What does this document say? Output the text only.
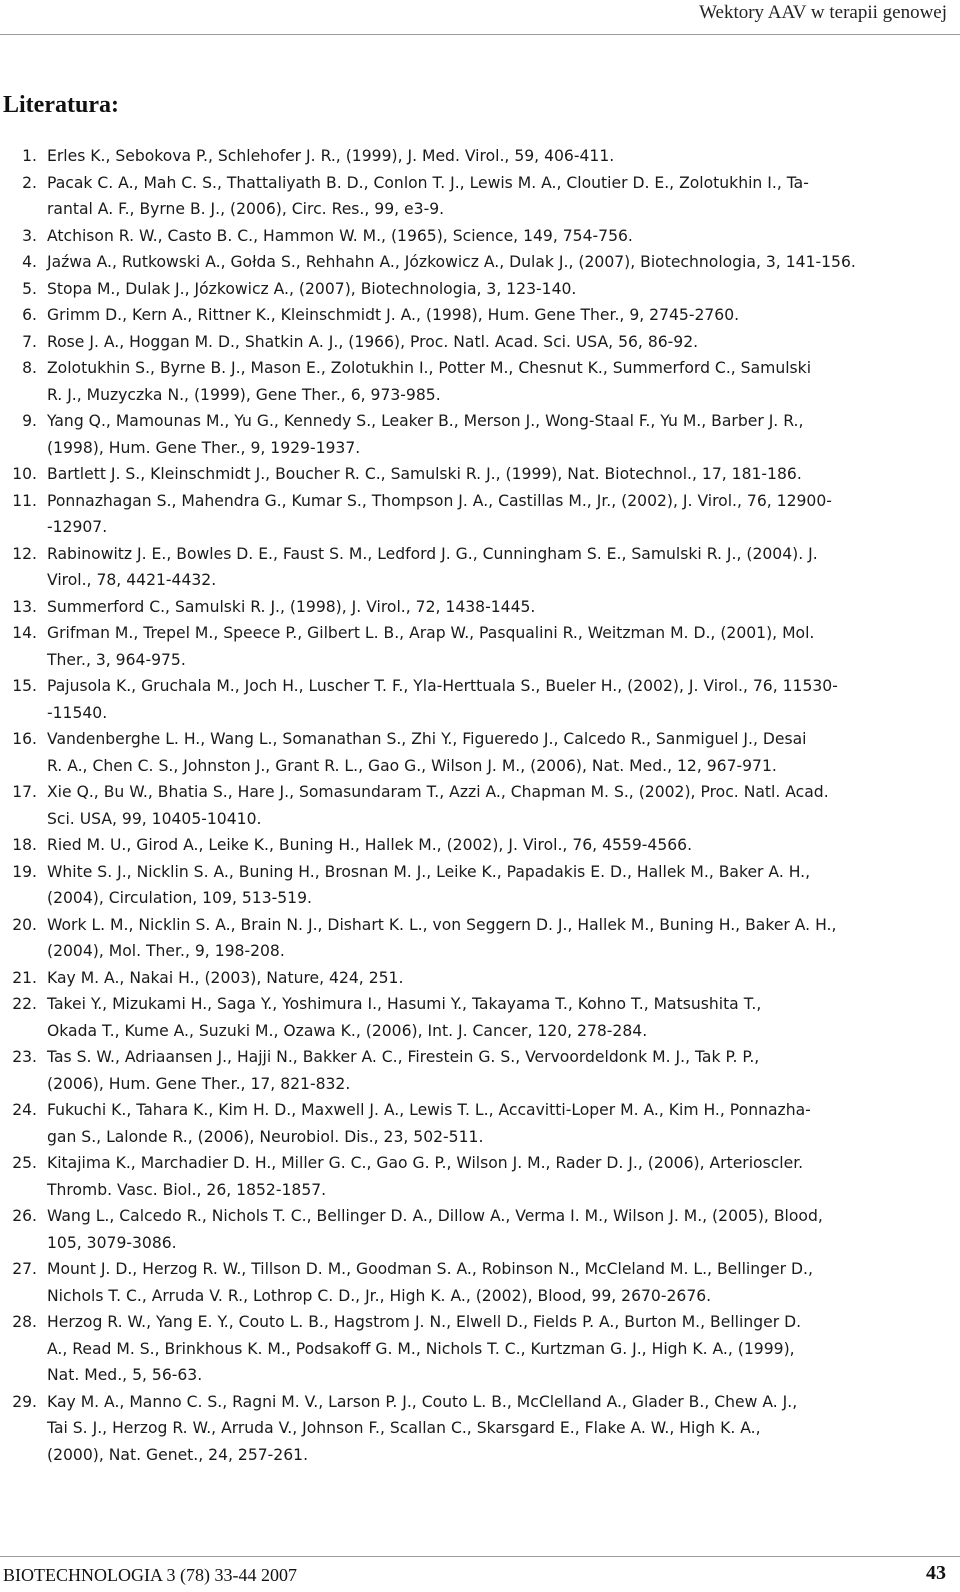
Wektory AAV w terapii genowej
Literatura:
1. Erles K., Sebokova P., Schlehofer J. R., (1999), J. Med. Virol., 59, 406-411.
2. Pacak C. A., Mah C. S., Thattaliyath B. D., Conlon T. J., Lewis M. A., Cloutier D. E., Zolotukhin I., Ta-
rantal A. F., Byrne B. J., (2006), Circ. Res., 99, e3-9.
3. Atchison R. W., Casto B. C., Hammon W. M., (1965), Science, 149, 754-756.
4. Jaźwa A., Rutkowski A., Gołda S., Rehhahn A., Józkowicz A., Dulak J., (2007), Biotechnologia, 3, 141-156.
5. Stopa M., Dulak J., Józkowicz A., (2007), Biotechnologia, 3, 123-140.
6. Grimm D., Kern A., Rittner K., Kleinschmidt J. A., (1998), Hum. Gene Ther., 9, 2745-2760.
7. Rose J. A., Hoggan M. D., Shatkin A. J., (1966), Proc. Natl. Acad. Sci. USA, 56, 86-92.
8. Zolotukhin S., Byrne B. J., Mason E., Zolotukhin I., Potter M., Chesnut K., Summerford C., Samulski
R. J., Muzyczka N., (1999), Gene Ther., 6, 973-985.
9. Yang Q., Mamounas M., Yu G., Kennedy S., Leaker B., Merson J., Wong-Staal F., Yu M., Barber J. R.,
(1998), Hum. Gene Ther., 9, 1929-1937.
10. Bartlett J. S., Kleinschmidt J., Boucher R. C., Samulski R. J., (1999), Nat. Biotechnol., 17, 181-186.
11. Ponnazhagan S., Mahendra G., Kumar S., Thompson J. A., Castillas M., Jr., (2002), J. Virol., 76, 12900-
-12907.
12. Rabinowitz J. E., Bowles D. E., Faust S. M., Ledford J. G., Cunningham S. E., Samulski R. J., (2004). J.
Virol., 78, 4421-4432.
13. Summerford C., Samulski R. J., (1998), J. Virol., 72, 1438-1445.
14. Grifman M., Trepel M., Speece P., Gilbert L. B., Arap W., Pasqualini R., Weitzman M. D., (2001), Mol.
Ther., 3, 964-975.
15. Pajusola K., Gruchala M., Joch H., Luscher T. F., Yla-Herttuala S., Bueler H., (2002), J. Virol., 76, 11530-
-11540.
16. Vandenberghe L. H., Wang L., Somanathan S., Zhi Y., Figueredo J., Calcedo R., Sanmiguel J., Desai
R. A., Chen C. S., Johnston J., Grant R. L., Gao G., Wilson J. M., (2006), Nat. Med., 12, 967-971.
17. Xie Q., Bu W., Bhatia S., Hare J., Somasundaram T., Azzi A., Chapman M. S., (2002), Proc. Natl. Acad.
Sci. USA, 99, 10405-10410.
18. Ried M. U., Girod A., Leike K., Buning H., Hallek M., (2002), J. Virol., 76, 4559-4566.
19. White S. J., Nicklin S. A., Buning H., Brosnan M. J., Leike K., Papadakis E. D., Hallek M., Baker A. H.,
(2004), Circulation, 109, 513-519.
20. Work L. M., Nicklin S. A., Brain N. J., Dishart K. L., von Seggern D. J., Hallek M., Buning H., Baker A. H.,
(2004), Mol. Ther., 9, 198-208.
21. Kay M. A., Nakai H., (2003), Nature, 424, 251.
22. Takei Y., Mizukami H., Saga Y., Yoshimura I., Hasumi Y., Takayama T., Kohno T., Matsushita T.,
Okada T., Kume A., Suzuki M., Ozawa K., (2006), Int. J. Cancer, 120, 278-284.
23. Tas S. W., Adriaansen J., Hajji N., Bakker A. C., Firestein G. S., Vervoordeldonk M. J., Tak P. P.,
(2006), Hum. Gene Ther., 17, 821-832.
24. Fukuchi K., Tahara K., Kim H. D., Maxwell J. A., Lewis T. L., Accavitti-Loper M. A., Kim H., Ponnazha-
gan S., Lalonde R., (2006), Neurobiol. Dis., 23, 502-511.
25. Kitajima K., Marchadier D. H., Miller G. C., Gao G. P., Wilson J. M., Rader D. J., (2006), Arterioscler.
Thromb. Vasc. Biol., 26, 1852-1857.
26. Wang L., Calcedo R., Nichols T. C., Bellinger D. A., Dillow A., Verma I. M., Wilson J. M., (2005), Blood,
105, 3079-3086.
27. Mount J. D., Herzog R. W., Tillson D. M., Goodman S. A., Robinson N., McCleland M. L., Bellinger D.,
Nichols T. C., Arruda V. R., Lothrop C. D., Jr., High K. A., (2002), Blood, 99, 2670-2676.
28. Herzog R. W., Yang E. Y., Couto L. B., Hagstrom J. N., Elwell D., Fields P. A., Burton M., Bellinger D.
A., Read M. S., Brinkhous K. M., Podsakoff G. M., Nichols T. C., Kurtzman G. J., High K. A., (1999),
Nat. Med., 5, 56-63.
29. Kay M. A., Manno C. S., Ragni M. V., Larson P. J., Couto L. B., McClelland A., Glader B., Chew A. J.,
Tai S. J., Herzog R. W., Arruda V., Johnson F., Scallan C., Skarsgard E., Flake A. W., High K. A.,
(2000), Nat. Genet., 24, 257-261.
BIOTECHNOLOGIA 3 (78) 33-44 2007	43
